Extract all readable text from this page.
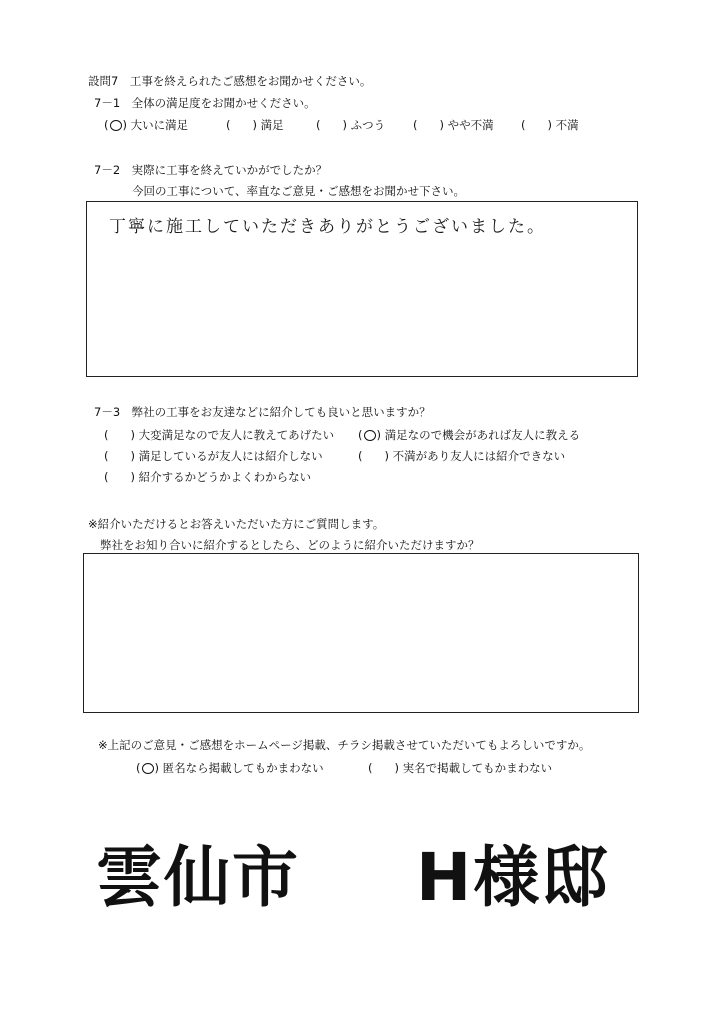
設問7　工事を終えられたご感想をお聞かせください。
7－1　全体の満足度をお聞かせください。
( ) 大いに満足	( ) 満足	( ) ふつう ( ) やや不満 ( ) 不満
7－2　実際に工事を終えていかがでしたか？
今回の工事について、率直なご意見・ご感想をお聞かせ下さい。
丁寧に施工していただきありがとうございました。
7－3　弊社の工事をお友達などに紹介しても良いと思いますか？
( ) 大変満足なので友人に教えてあげたい ( ) 満足なので機会があれば友人に教える
( ) 満足しているが友人には紹介しない	( ) 不満があり友人には紹介できない
( ) 紹介するかどうかよくわからない
※紹介いただけるとお答えいただいた方にご質問します。
弊社をお知り合いに紹介するとしたら、どのように紹介いただけますか？
※上記のご意見・ご感想をホームページ掲載、チラシ掲載させていただいてもよろしいですか。
( ) 匿名なら掲載してもかまわない	( ) 実名で掲載してもかまわない
雲仙市 H様邸
